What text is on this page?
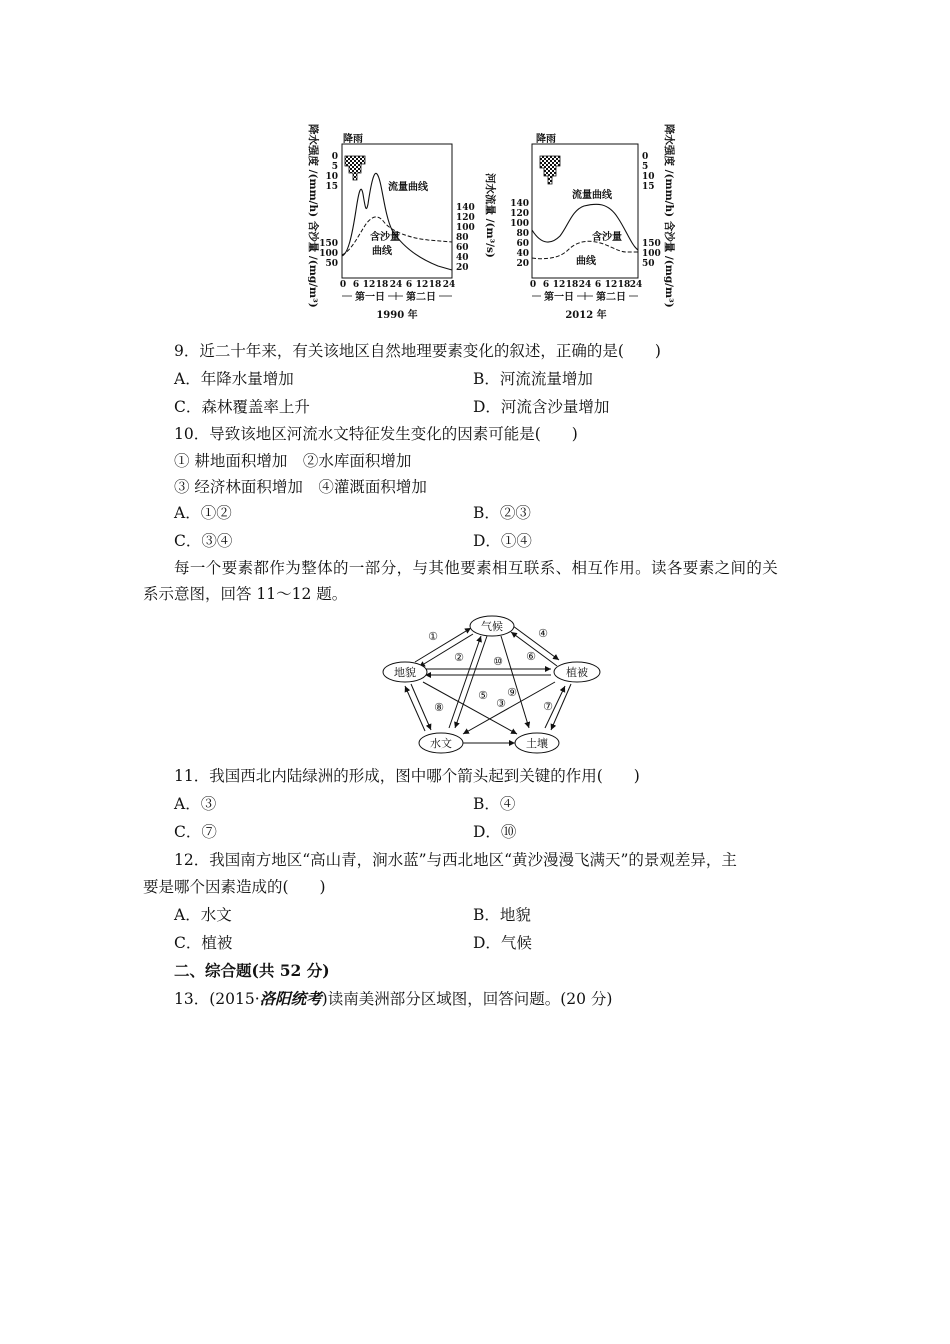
降水强度 /(mm/h) 含沙量 /(mg/m³)	河水流量 /(m³/s)	降水强度 /(mm/h) 含沙量 /(mg/m³)
降雨
0
5
10
15
150
100
50
140
120
100
80
60
40
20
流量曲线
含沙量
曲线
0 6 12 18 24 6 12 18 24
第一日 第二日
1990 年
降雨
140
120
100
80
60
40
20
0
5
10
15
150
100
50
流量曲线
含沙量
曲线
0 6 12 18 24 6 12 18 24
第一日 第二日
2012 年
9．近二十年来，有关该地区自然地理要素变化的叙述，正确的是(　　)
A．年降水量增加	B．河流流量增加
C．森林覆盖率上升	D．河流含沙量增加
10．导致该地区河流水文特征发生变化的因素可能是(　　)
① 耕地面积增加　②水库面积增加
③ 经济林面积增加　④灌溉面积增加
A．①②	B．②③
C．③④	D．①④
每一个要素都作为整体的一部分，与其他要素相互联系、相互作用。读各要素之间的关
系示意图，回答 11～12 题。
气候
地貌	植被
水文	土壤
①
②
④
⑥
⑩
⑤ ⑨
③
⑧	⑦
11．我国西北内陆绿洲的形成，图中哪个箭头起到关键的作用(　　)
A．③	B．④
C．⑦	D．⑩
12．我国南方地区“高山青，涧水蓝”与西北地区“黄沙漫漫飞满天”的景观差异，主
要是哪个因素造成的(　　)
A．水文	B．地貌
C．植被	D．气候
二、综合题(共 52 分)
13．(2015·洛阳统考)读南美洲部分区域图，回答问题。(20 分)
